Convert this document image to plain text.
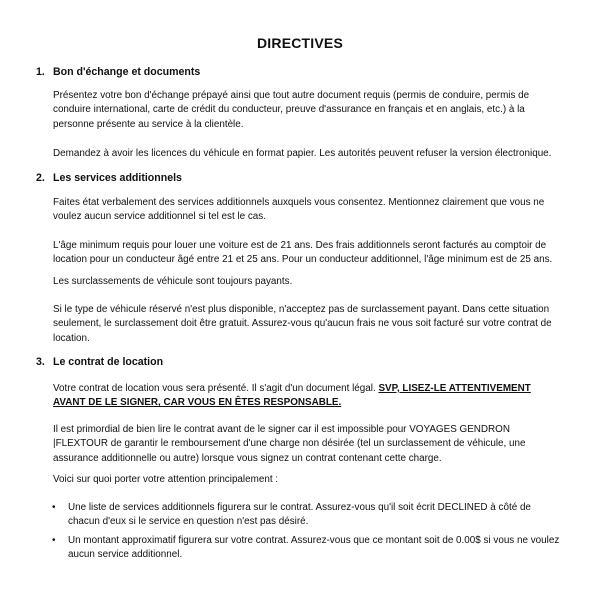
DIRECTIVES
1. Bon d'échange et documents
Présentez votre bon d'échange prépayé ainsi que tout autre document requis (permis de conduire, permis de conduire international, carte de crédit du conducteur, preuve d'assurance en français et en anglais, etc.) à la personne présente au service à la clientèle.
Demandez à avoir les licences du véhicule en format papier. Les autorités peuvent refuser la version électronique.
2. Les services additionnels
Faites état verbalement des services additionnels auxquels vous consentez. Mentionnez clairement que vous ne voulez aucun service additionnel si tel est le cas.
L'âge minimum requis pour louer une voiture est de 21 ans. Des frais additionnels seront facturés au comptoir de location pour un conducteur âgé entre 21 et 25 ans. Pour un conducteur additionnel, l'âge minimum est de 25 ans.
Les surclassements de véhicule sont toujours payants.
Si le type de véhicule réservé n'est plus disponible, n'acceptez pas de surclassement payant. Dans cette situation seulement, le surclassement doit être gratuit. Assurez-vous qu'aucun frais ne vous soit facturé sur votre contrat de location.
3. Le contrat de location
Votre contrat de location vous sera présenté. Il s'agit d'un document légal. SVP, LISEZ-LE ATTENTIVEMENT AVANT DE LE SIGNER, CAR VOUS EN ÊTES RESPONSABLE.
Il est primordial de bien lire le contrat avant de le signer car il est impossible pour VOYAGES GENDRON |FLEXTOUR de garantir le remboursement d'une charge non désirée (tel un surclassement de véhicule, une assurance additionnelle ou autre) lorsque vous signez un contrat contenant cette charge.
Voici sur quoi porter votre attention principalement :
• Une liste de services additionnels figurera sur le contrat. Assurez-vous qu'il soit écrit DECLINED à côté de chacun d'eux si le service en question n'est pas désiré.
• Un montant approximatif figurera sur votre contrat. Assurez-vous que ce montant soit de 0.00$ si vous ne voulez aucun service additionnel.
